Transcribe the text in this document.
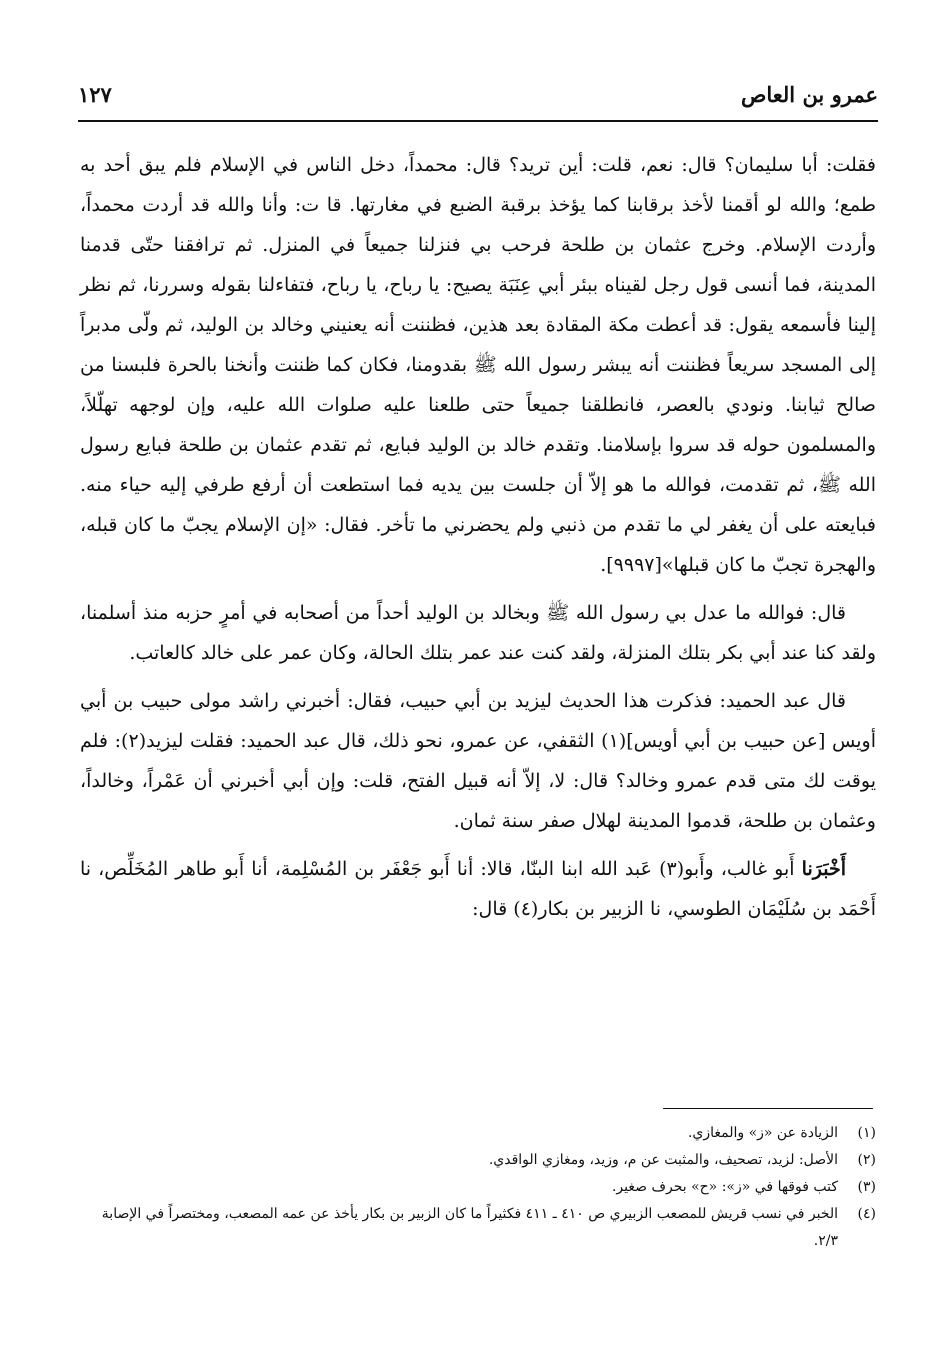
عمرو بن العاص
١٢٧

فقلت: أبا سليمان؟ قال: نعم، قلت: أين تريد؟ قال: محمداً، دخل الناس في الإسلام فلم يبق أحد به طمع؛ والله لو أقمنا لأخذ برقابنا كما يؤخذ برقبة الضبع في مغارتها. قا ت: وأنا والله قد أردت محمداً، وأردت الإسلام. وخرج عثمان بن طلحة فرحب بي فنزلنا جميعاً في المنزل. ثم ترافقنا حتّى قدمنا المدينة، فما أنسى قول رجل لقيناه ببئر أبي عِنَبَة يصيح: يا رباح، يا رباح، فتفاءلنا بقوله وسررنا، ثم نظر إلينا فأسمعه يقول: قد أعطت مكة المقادة بعد هذين، فظننت أنه يعنيني وخالد بن الوليد، ثم ولّى مدبراً إلى المسجد سريعاً فظننت أنه يبشر رسول الله ﷺ بقدومنا، فكان كما ظننت وأنخنا بالحرة فلبسنا من صالح ثيابنا. ونودي بالعصر، فانطلقنا جميعاً حتى طلعنا عليه صلوات الله عليه، وإن لوجهه تهلّلاً، والمسلمون حوله قد سروا بإسلامنا. وتقدم خالد بن الوليد فبايع، ثم تقدم عثمان بن طلحة فبايع رسول الله ﷺ، ثم تقدمت، فوالله ما هو إلاّ أن جلست بين يديه فما استطعت أن أرفع طرفي إليه حياء منه. فبايعته على أن يغفر لي ما تقدم من ذنبي ولم يحضرني ما تأخر. فقال: «إن الإسلام يجبّ ما كان قبله، والهجرة تجبّ ما كان قبلها»[٩٩٩٧].

قال: فوالله ما عدل بي رسول الله ﷺ وبخالد بن الوليد أحداً من أصحابه في أمرٍ حزبه منذ أسلمنا، ولقد كنا عند أبي بكر بتلك المنزلة، ولقد كنت عند عمر بتلك الحالة، وكان عمر على خالد كالعاتب.

قال عبد الحميد: فذكرت هذا الحديث ليزيد بن أبي حبيب، فقال: أخبرني راشد مولى حبيب بن أبي أويس [عن حبيب بن أبي أويس](١) الثقفي، عن عمرو، نحو ذلك، قال عبد الحميد: فقلت ليزيد(٢): فلم يوقت لك متى قدم عمرو وخالد؟ قال: لا، إلاّ أنه قبيل الفتح، قلت: وإن أبي أخبرني أن عَمْراً، وخالداً، وعثمان بن طلحة، قدموا المدينة لهلال صفر سنة ثمان.

أَخْبَرَنا أَبو غالب، وأَبو(٣) عَبد الله ابنا البنّا، قالا: أنا أَبو جَعْفَر بن المُسْلِمة، أنا أَبو طاهر المُخَلِّص، نا أَحْمَد بن سُلَيْمَان الطوسي، نا الزبير بن بكار(٤) قال:

(١)
الزيادة عن «ز» والمغازي.
(٢)
الأصل: لزيد، تصحيف، والمثبت عن م، وزيد، ومغازي الواقدي.
(٣)
كتب فوقها في «ز»: «ح» بحرف صغير.
(٤)
الخبر في نسب قريش للمصعب الزبيري ص ٤١٠ ـ ٤١١ فكثيراً ما كان الزبير بن بكار يأخذ عن عمه المصعب، ومختصراً في الإصابة ٢/٣.
